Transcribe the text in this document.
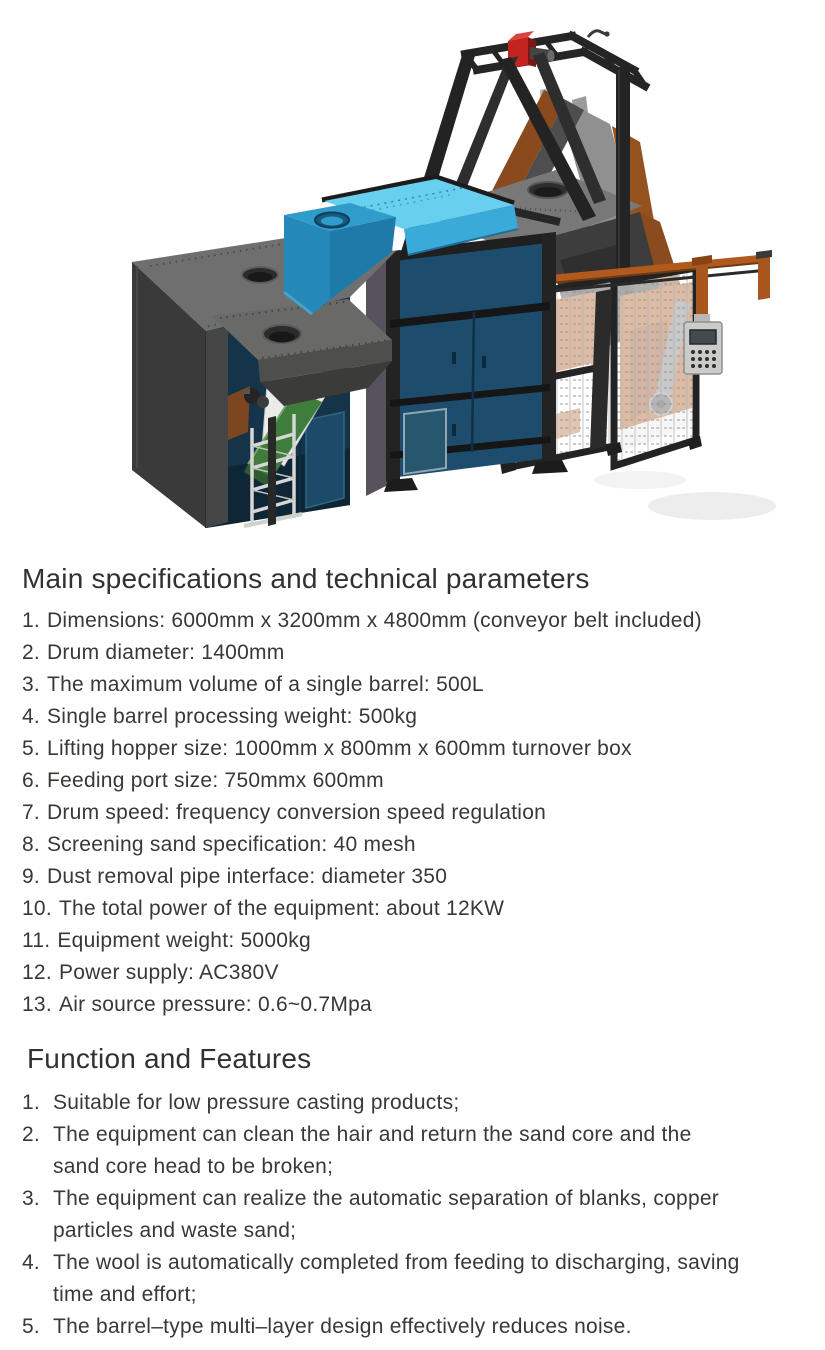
Main specifications and technical parameters
1. Dimensions: 6000mm x 3200mm x 4800mm (conveyor belt included)
2. Drum diameter: 1400mm
3. The maximum volume of a single barrel: 500L
4. Single barrel processing weight: 500kg
5. Lifting hopper size: 1000mm x 800mm x 600mm turnover box
6. Feeding port size: 750mmx 600mm
7. Drum speed: frequency conversion speed regulation
8. Screening sand specification: 40 mesh
9. Dust removal pipe interface: diameter 350
10. The total power of the equipment: about 12KW
11. Equipment weight: 5000kg
12. Power supply: AC380V
13. Air source pressure: 0.6~0.7Mpa
Function and Features
1. Suitable for low pressure casting products;
2. The equipment can clean the hair and return the sand core and the
sand core head to be broken;
3. The equipment can realize the automatic separation of blanks, copper
particles and waste sand;
4. The wool is automatically completed from feeding to discharging, saving
time and effort;
5. The barrel–type multi–layer design effectively reduces noise.
